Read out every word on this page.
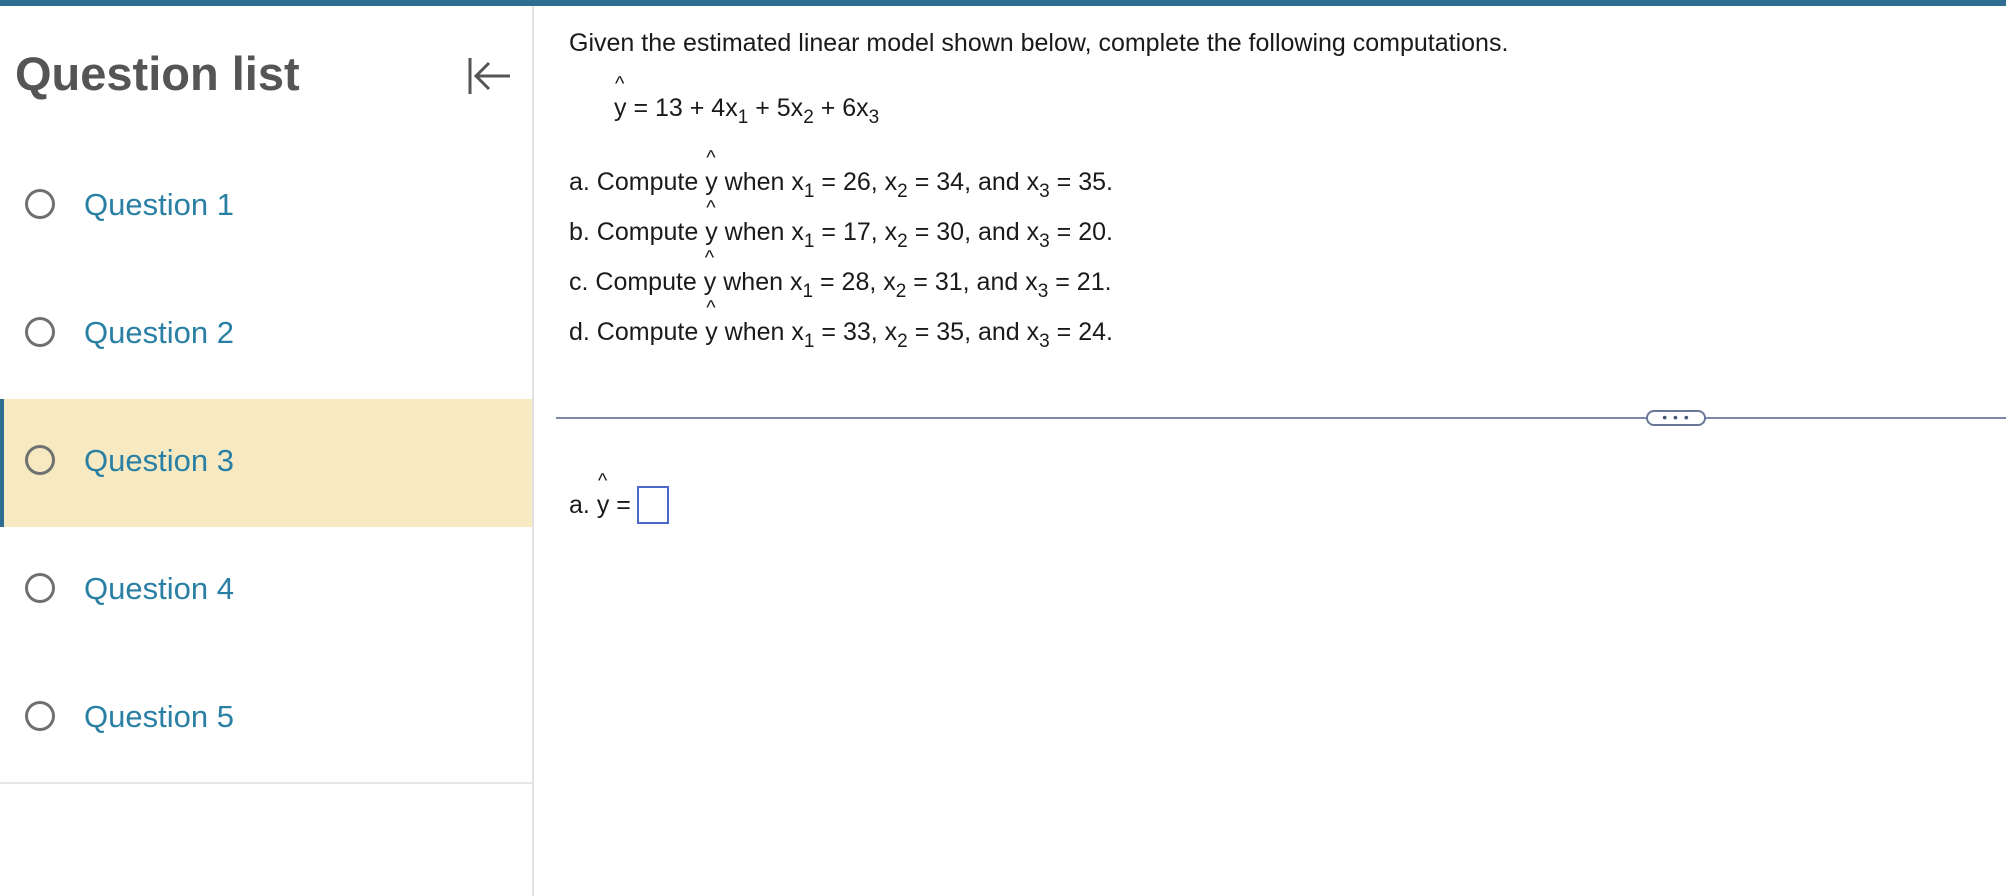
Question list
Question 1
Question 2
Question 3
Question 4
Question 5
Given the estimated linear model shown below, complete the following computations.
^ $y = 13 + 4x_1 + 5x_2 + 6x_3$
a. Compute ^ y when $x_1 = 26$, $x_2 = 34$, and $x_3 = 35$.
b. Compute ^ y when $x_1 = 17$, $x_2 = 30$, and $x_3 = 20$.
c. Compute ^ y when $x_1 = 28$, $x_2 = 31$, and $x_3 = 21$.
d. Compute ^ y when $x_1 = 33$, $x_2 = 35$, and $x_3 = 24$.
• • •
a. ^ y =
